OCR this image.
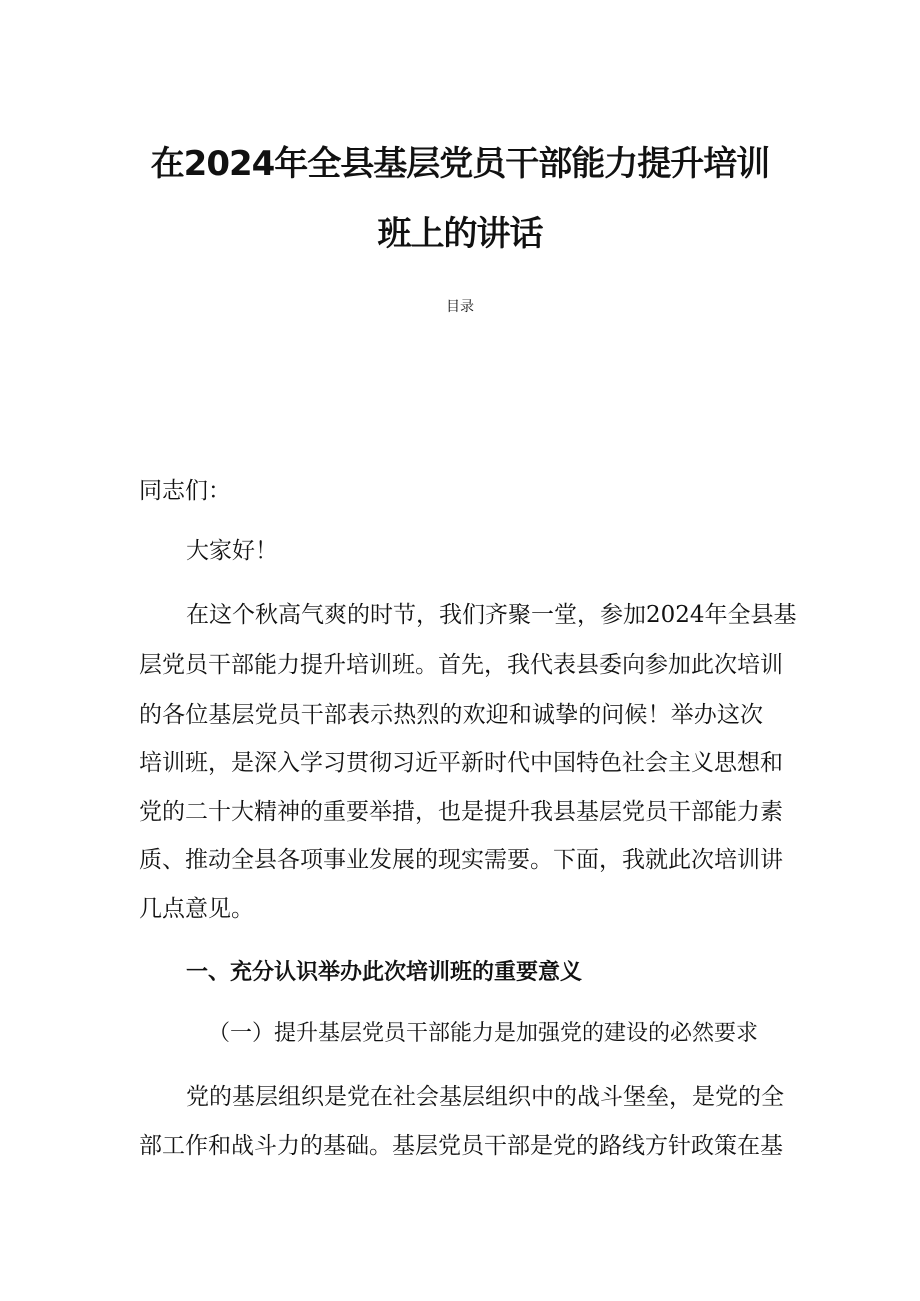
在2024年全县基层党员干部能力提升培训
班上的讲话
目录

同志们：

大家好！

在这个秋高气爽的时节，我们齐聚一堂，参加2024年全县基

层党员干部能力提升培训班。首先，我代表县委向参加此次培训

的各位基层党员干部表示热烈的欢迎和诚挚的问候！举办这次

培训班，是深入学习贯彻习近平新时代中国特色社会主义思想和

党的二十大精神的重要举措，也是提升我县基层党员干部能力素

质、推动全县各项事业发展的现实需要。下面，我就此次培训讲

几点意见。

一、充分认识举办此次培训班的重要意义

（一）提升基层党员干部能力是加强党的建设的必然要求

党的基层组织是党在社会基层组织中的战斗堡垒，是党的全

部工作和战斗力的基础。基层党员干部是党的路线方针政策在基
